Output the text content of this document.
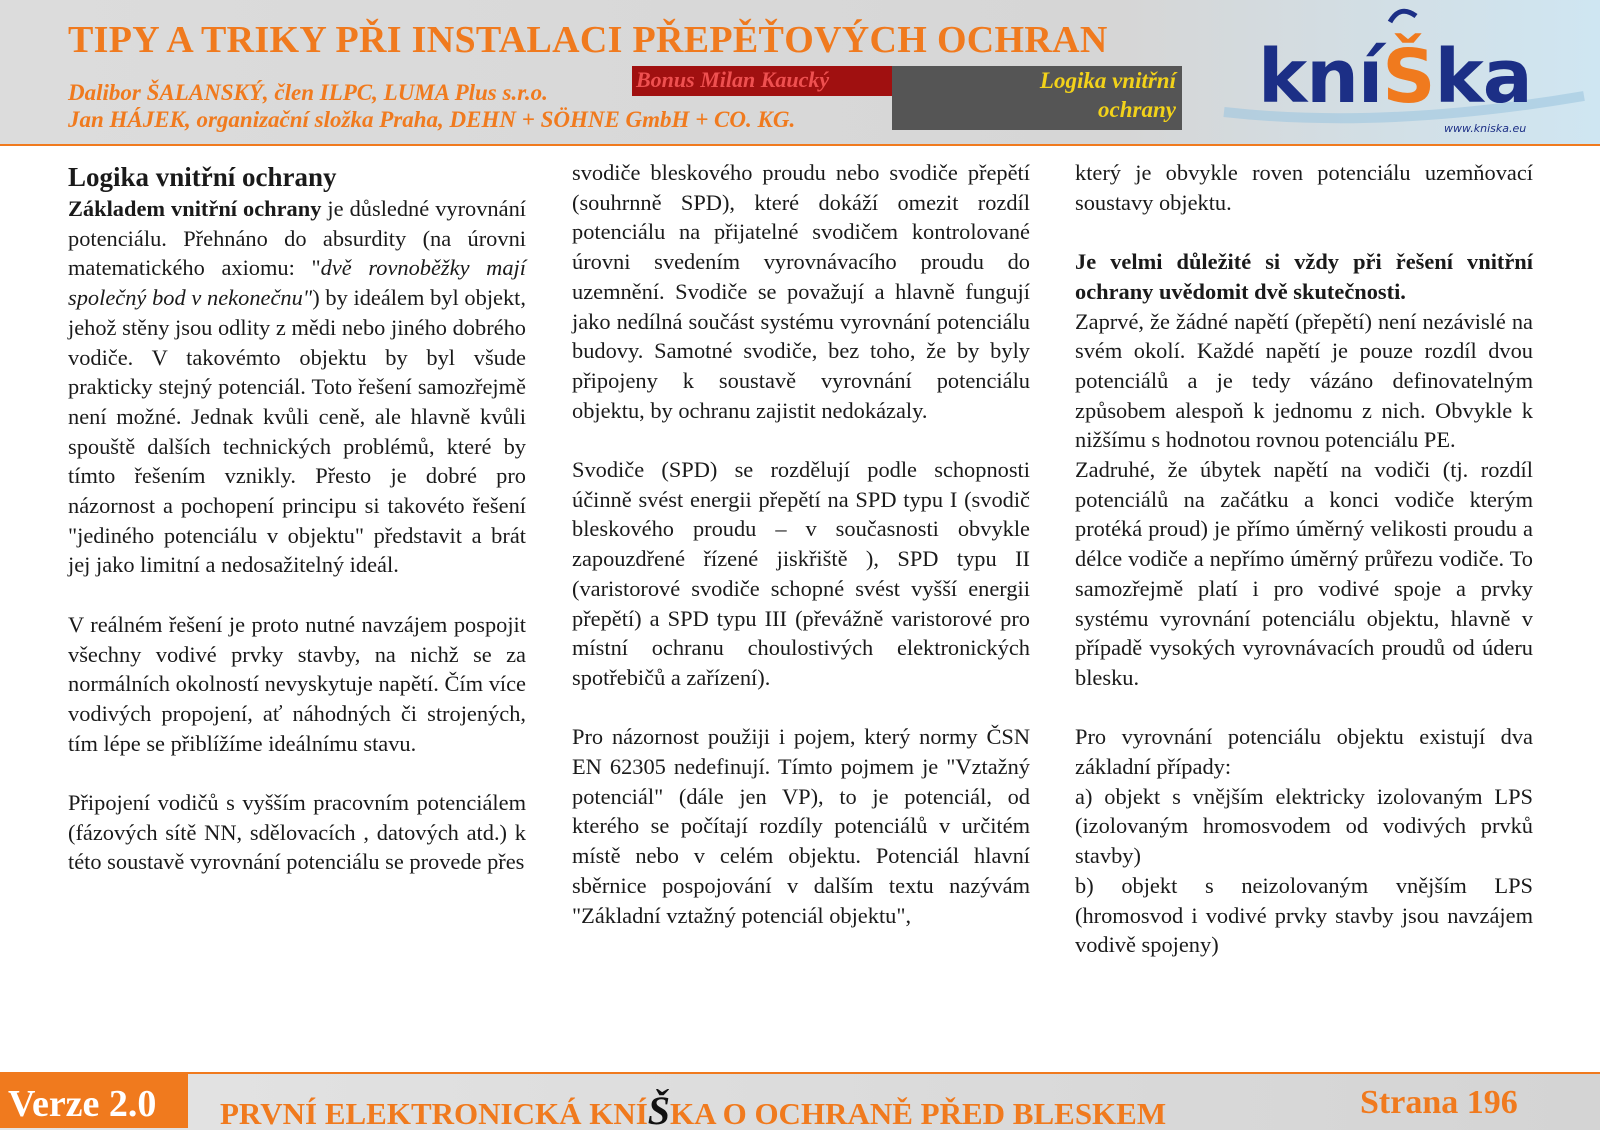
TIPY A TRIKY PŘI INSTALACI PŘEPĚŤOVÝCH OCHRAN
Dalibor ŠALANSKÝ, člen ILPC, LUMA Plus s.r.o.
Jan HÁJEK, organizační složka Praha, DEHN + SÖHNE GmbH + CO. KG.
Bonus Milan Kaucký	Logika vnitřní
ochrany kníŠka
www.kniska.eu

Logika vnitřní ochrany

Základem vnitřní ochrany je důsledné vyrovnání potenciálu. Přehnáno do absurdity (na úrovni matematického axiomu: "dvě rovnoběžky mají společný bod v nekonečnu") by ideálem byl objekt, jehož stěny jsou odlity z mědi nebo jiného dobrého vodiče. V takovémto objektu by byl všude prakticky stejný potenciál. Toto řešení samozřejmě není možné. Jednak kvůli ceně, ale hlavně kvůli spouště dalších technických problémů, které by tímto řešením vznikly. Přesto je dobré pro názornost a pochopení principu si takovéto řešení "jediného potenciálu v objektu" představit a brát jej jako limitní a nedosažitelný ideál.

V reálném řešení je proto nutné navzájem pospojit všechny vodivé prvky stavby, na nichž se za normálních okolností nevyskytuje napětí. Čím více vodivých propojení, ať náhodných či strojených, tím lépe se přiblížíme ideálnímu stavu.

Připojení vodičů s vyšším pracovním potenciálem (fázových sítě NN, sdělovacích , datových atd.) k této soustavě vyrovnání potenciálu se provede přes

svodiče bleskového proudu nebo svodiče přepětí (souhrnně SPD), které dokáží omezit rozdíl potenciálu na přijatelné svodičem kontrolované úrovni svedením vyrovnávacího proudu do uzemnění. Svodiče se považují a hlavně fungují jako nedílná součást systému vyrovnání potenciálu budovy. Samotné svodiče, bez toho, že by byly připojeny k soustavě vyrovnání potenciálu objektu, by ochranu zajistit nedokázaly.

Svodiče (SPD) se rozdělují podle schopnosti účinně svést energii přepětí na SPD typu I (svodič bleskového proudu – v současnosti obvykle zapouzdřené řízené jiskřiště ), SPD typu II (varistorové svodiče schopné svést vyšší energii přepětí) a SPD typu III (převážně varistorové pro místní ochranu choulostivých elektronických spotřebičů a zařízení).

Pro názornost použiji i pojem, který normy ČSN EN 62305 nedefinují. Tímto pojmem je "Vztažný potenciál" (dále jen VP), to je potenciál, od kterého se počítají rozdíly potenciálů v určitém místě nebo v celém objektu. Potenciál hlavní sběrnice pospojování v dalším textu nazývám "Základní vztažný potenciál objektu",

který je obvykle roven potenciálu uzemňovací soustavy objektu.

Je velmi důležité si vždy při řešení vnitřní ochrany uvědomit dvě skutečnosti.

Zaprvé, že žádné napětí (přepětí) není nezávislé na svém okolí. Každé napětí je pouze rozdíl dvou potenciálů a je tedy vázáno definovatelným způsobem alespoň k jednomu z nich. Obvykle k nižšímu s hodnotou rovnou potenciálu PE.

Zadruhé, že úbytek napětí na vodiči (tj. rozdíl potenciálů na začátku a konci vodiče kterým protéká proud) je přímo úměrný velikosti proudu a délce vodiče a nepřímo úměrný průřezu vodiče. To samozřejmě platí i pro vodivé spoje a prvky systému vyrovnání potenciálu objektu, hlavně v případě vysokých vyrovnávacích proudů od úderu blesku.

Pro vyrovnání potenciálu objektu existují dva základní případy:

a) objekt s vnějším elektricky izolovaným LPS (izolovaným hromosvodem od vodivých prvků stavby)

b) objekt s neizolovaným vnějším LPS (hromosvod i vodivé prvky stavby jsou navzájem vodivě spojeny)

Verze 2.0 PRVNÍ ELEKTRONICKÁ KNÍŠKA O OCHRANĚ PŘED BLESKEM	Strana 196
